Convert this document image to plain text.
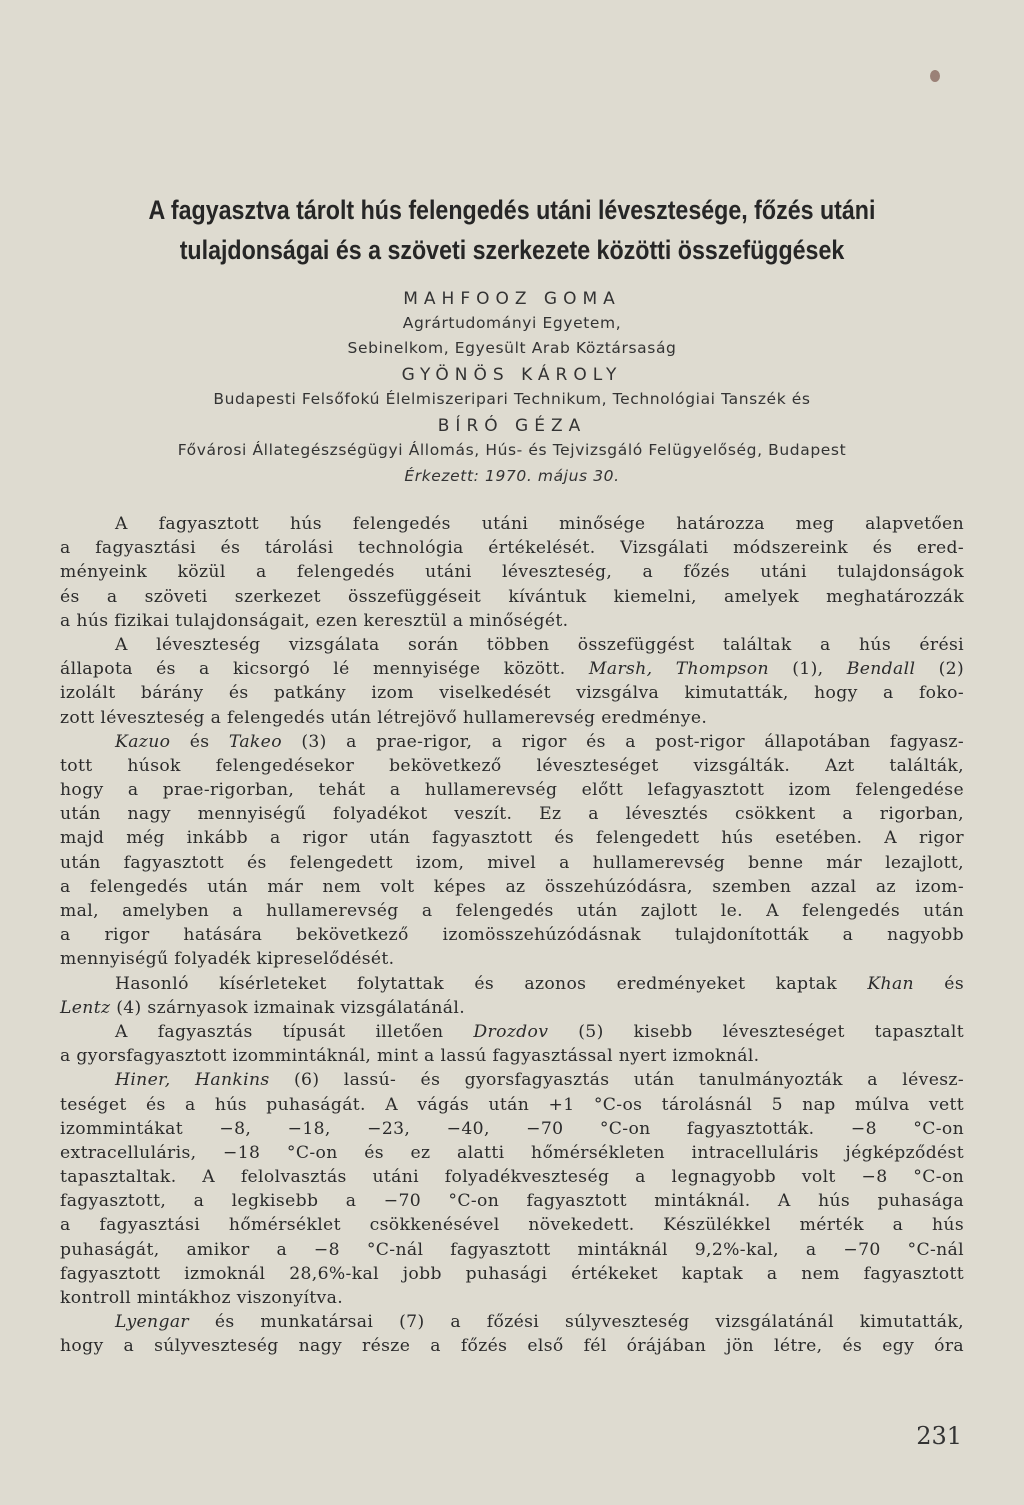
A fagyasztva tárolt hús felengedés utáni lévesztesége, főzés utáni
tulajdonságai és a szöveti szerkezete közötti összefüggések
MAHFOOZ GOMA
Agrártudományi Egyetem,
Sebinelkom, Egyesült Arab Köztársaság
GYÖNÖS KÁROLY
Budapesti Felsőfokú Élelmiszeripari Technikum, Technológiai Tanszék és
BÍRÓ GÉZA
Fővárosi Állategészségügyi Állomás, Hús- és Tejvizsgáló Felügyelőség, Budapest
Érkezett: 1970. május 30.
A fagyasztott hús felengedés utáni minősége határozza meg alapvetően
a fagyasztási és tárolási technológia értékelését. Vizsgálati módszereink és ered-
ményeink közül a felengedés utáni léveszteség, a főzés utáni tulajdonságok
és a szöveti szerkezet összefüggéseit kívántuk kiemelni, amelyek meghatározzák
a hús fizikai tulajdonságait, ezen keresztül a minőségét.
A léveszteség vizsgálata során többen összefüggést találtak a hús érési
állapota és a kicsorgó lé mennyisége között. Marsh, Thompson (1), Bendall (2)
izolált bárány és patkány izom viselkedését vizsgálva kimutatták, hogy a foko-
zott léveszteség a felengedés után létrejövő hullamerevség eredménye.
Kazuo és Takeo (3) a prae-rigor, a rigor és a post-rigor állapotában fagyasz-
tott húsok felengedésekor bekövetkező léveszteséget vizsgálták. Azt találták,
hogy a prae-rigorban, tehát a hullamerevség előtt lefagyasztott izom felengedése
után nagy mennyiségű folyadékot veszít. Ez a lévesztés csökkent a rigorban,
majd még inkább a rigor után fagyasztott és felengedett hús esetében. A rigor
után fagyasztott és felengedett izom, mivel a hullamerevség benne már lezajlott,
a felengedés után már nem volt képes az összehúzódásra, szemben azzal az izom-
mal, amelyben a hullamerevség a felengedés után zajlott le. A felengedés után
a rigor hatására bekövetkező izomösszehúzódásnak tulajdonították a nagyobb
mennyiségű folyadék kipreselődését.
Hasonló kísérleteket folytattak és azonos eredményeket kaptak Khan és
Lentz (4) szárnyasok izmainak vizsgálatánál.
A fagyasztás típusát illetően Drozdov (5) kisebb léveszteséget tapasztalt
a gyorsfagyasztott izommintáknál, mint a lassú fagyasztással nyert izmoknál.
Hiner, Hankins (6) lassú- és gyorsfagyasztás után tanulmányozták a lévesz-
teséget és a hús puhaságát. A vágás után +1 °C-os tárolásnál 5 nap múlva vett
izommintákat −8, −18, −23, −40, −70 °C-on fagyasztották. −8 °C-on
extracelluláris, −18 °C-on és ez alatti hőmérsékleten intracelluláris jégképződést
tapasztaltak. A felolvasztás utáni folyadékveszteség a legnagyobb volt −8 °C-on
fagyasztott, a legkisebb a −70 °C-on fagyasztott mintáknál. A hús puhasága
a fagyasztási hőmérséklet csökkenésével növekedett. Készülékkel mérték a hús
puhaságát, amikor a −8 °C-nál fagyasztott mintáknál 9,2%-kal, a −70 °C-nál
fagyasztott izmoknál 28,6%-kal jobb puhasági értékeket kaptak a nem fagyasztott
kontroll mintákhoz viszonyítva.
Lyengar és munkatársai (7) a főzési súlyveszteség vizsgálatánál kimutatták,
hogy a súlyveszteség nagy része a főzés első fél órájában jön létre, és egy óra
231
